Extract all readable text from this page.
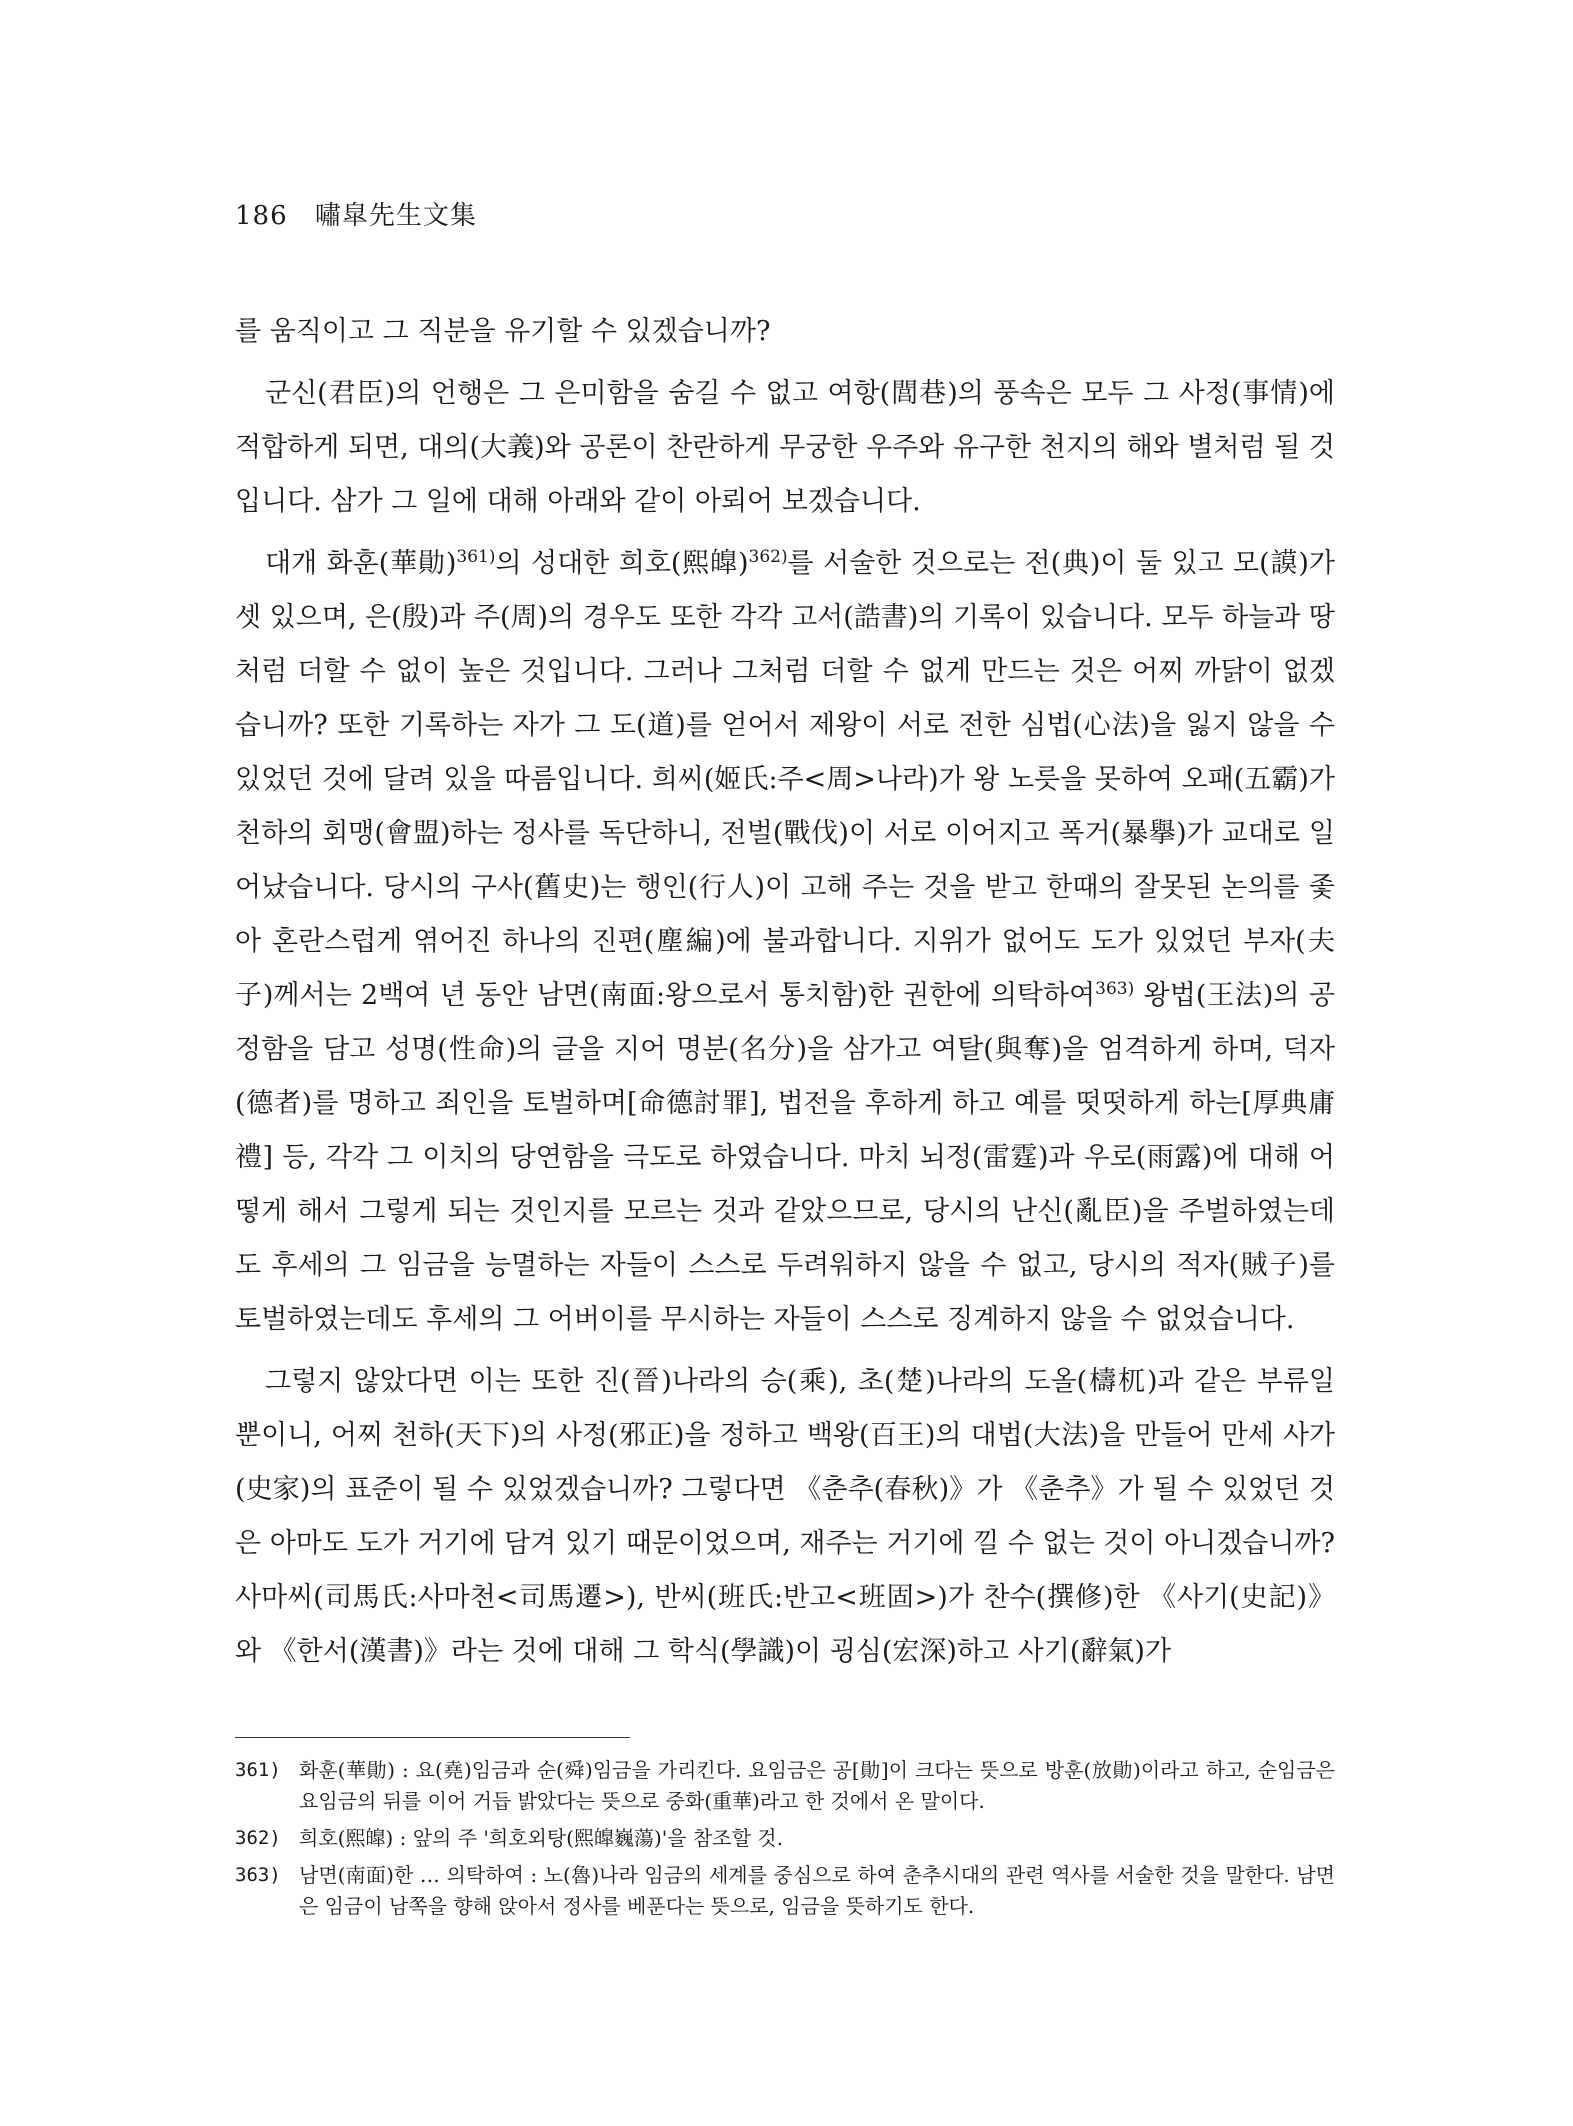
186 嘯皐先生文集

를 움직이고 그 직분을 유기할 수 있겠습니까?

군신(君臣)의 언행은 그 은미함을 숨길 수 없고 여항(閭巷)의 풍속은 모두 그 사정(事情)에 적합하게 되면, 대의(大義)와 공론이 찬란하게 무궁한 우주와 유구한 천지의 해와 별처럼 될 것입니다. 삼가 그 일에 대해 아래와 같이 아뢰어 보겠습니다.

대개 화훈(華勛)$^{361)}$의 성대한 희호(熙皥)$^{362)}$를 서술한 것으로는 전(典)이 둘 있고 모(謨)가 셋 있으며, 은(殷)과 주(周)의 경우도 또한 각각 고서(誥書)의 기록이 있습니다. 모두 하늘과 땅처럼 더할 수 없이 높은 것입니다. 그러나 그처럼 더할 수 없게 만드는 것은 어찌 까닭이 없겠습니까? 또한 기록하는 자가 그 도(道)를 얻어서 제왕이 서로 전한 심법(心法)을 잃지 않을 수 있었던 것에 달려 있을 따름입니다. 희씨(姬氏:주<周>나라)가 왕 노릇을 못하여 오패(五霸)가 천하의 회맹(會盟)하는 정사를 독단하니, 전벌(戰伐)이 서로 이어지고 폭거(暴擧)가 교대로 일어났습니다. 당시의 구사(舊史)는 행인(行人)이 고해 주는 것을 받고 한때의 잘못된 논의를 좇아 혼란스럽게 엮어진 하나의 진편(塵編)에 불과합니다. 지위가 없어도 도가 있었던 부자(夫子)께서는 2백여 년 동안 남면(南面:왕으로서 통치함)한 권한에 의탁하여$^{363)}$ 왕법(王法)의 공정함을 담고 성명(性命)의 글을 지어 명분(名分)을 삼가고 여탈(與奪)을 엄격하게 하며, 덕자(德者)를 명하고 죄인을 토벌하며[命德討罪], 법전을 후하게 하고 예를 떳떳하게 하는[厚典庸禮] 등, 각각 그 이치의 당연함을 극도로 하였습니다. 마치 뇌정(雷霆)과 우로(雨露)에 대해 어떻게 해서 그렇게 되는 것인지를 모르는 것과 같았으므로, 당시의 난신(亂臣)을 주벌하였는데도 후세의 그 임금을 능멸하는 자들이 스스로 두려워하지 않을 수 없고, 당시의 적자(賊子)를 토벌하였는데도 후세의 그 어버이를 무시하는 자들이 스스로 징계하지 않을 수 없었습니다.

그렇지 않았다면 이는 또한 진(晉)나라의 승(乘), 초(楚)나라의 도올(檮杌)과 같은 부류일 뿐이니, 어찌 천하(天下)의 사정(邪正)을 정하고 백왕(百王)의 대법(大法)을 만들어 만세 사가(史家)의 표준이 될 수 있었겠습니까? 그렇다면 《춘추(春秋)》가 《춘추》가 될 수 있었던 것은 아마도 도가 거기에 담겨 있기 때문이었으며, 재주는 거기에 낄 수 없는 것이 아니겠습니까? 사마씨(司馬氏:사마천<司馬遷>), 반씨(班氏:반고<班固>)가 찬수(撰修)한 《사기(史記)》와 《한서(漢書)》라는 것에 대해 그 학식(學識)이 굉심(宏深)하고 사기(辭氣)가

361) 화훈(華勛) : 요(堯)임금과 순(舜)임금을 가리킨다. 요임금은 공[勛]이 크다는 뜻으로 방훈(放勛)이라고 하고, 순임금은 요임금의 뒤를 이어 거듭 밝았다는 뜻으로 중화(重華)라고 한 것에서 온 말이다.
362) 희호(熙皥) : 앞의 주 '희호외탕(熙皥巍蕩)'을 참조할 것.
363) 남면(南面)한 … 의탁하여 : 노(魯)나라 임금의 세계를 중심으로 하여 춘추시대의 관련 역사를 서술한 것을 말한다. 남면은 임금이 남쪽을 향해 앉아서 정사를 베푼다는 뜻으로, 임금을 뜻하기도 한다.
